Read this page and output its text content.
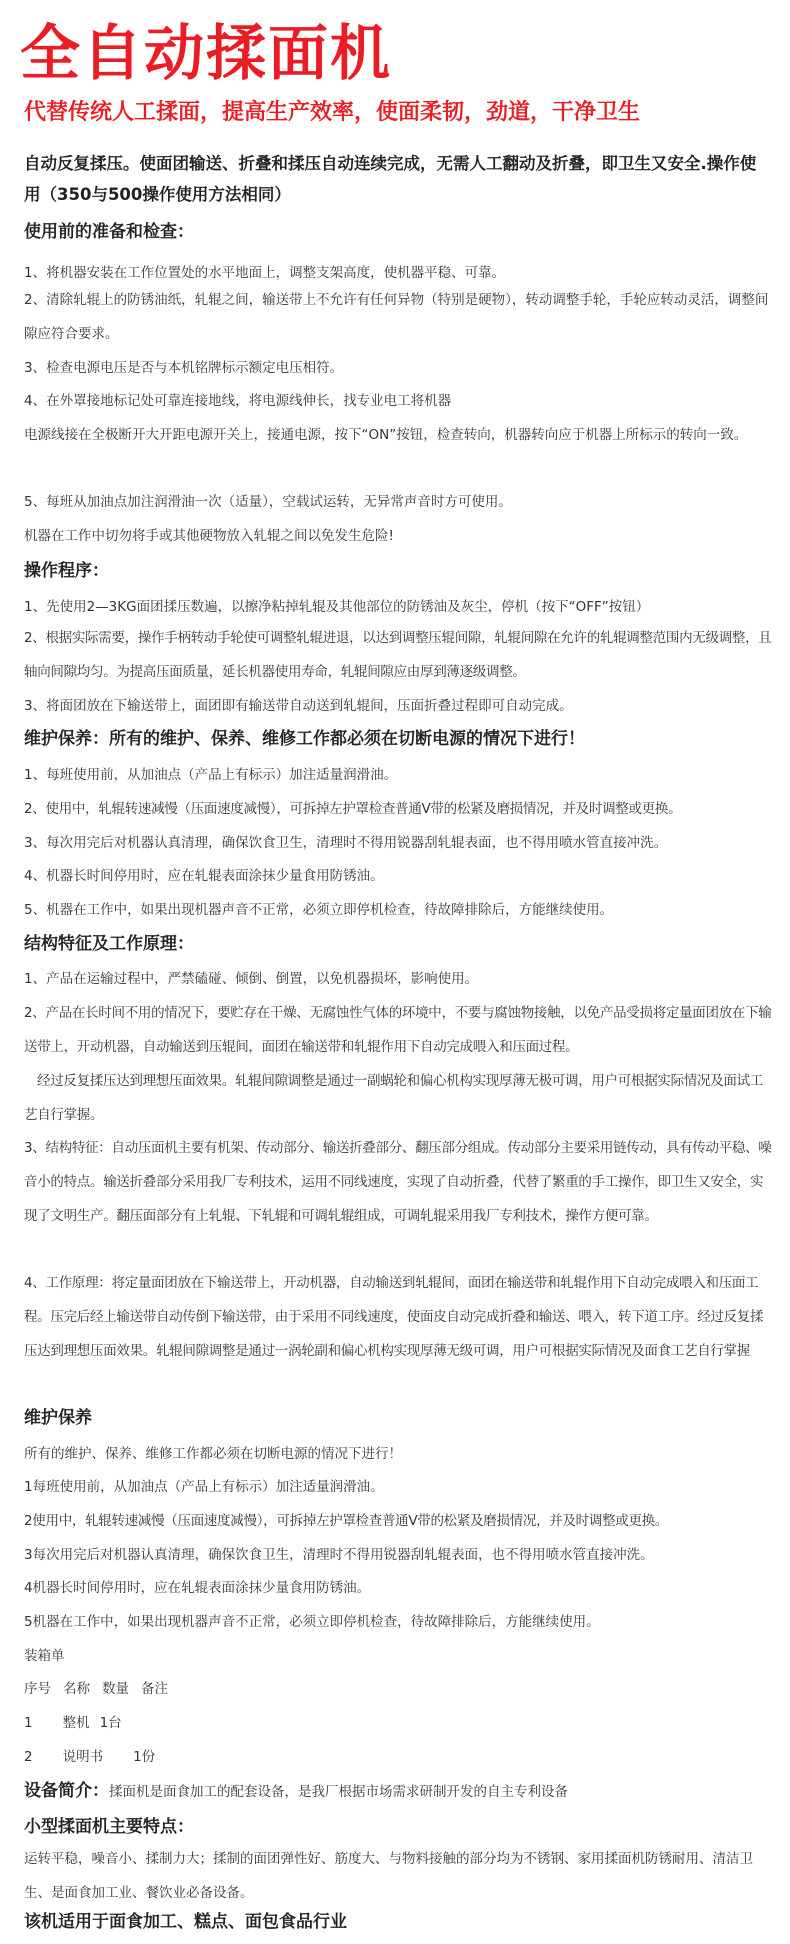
全自动揉面机
代替传统人工揉面，提高生产效率，使面柔韧，劲道，干净卫生

自动反复揉压。使面团输送、折叠和揉压自动连续完成，无需人工翻动及折叠，即卫生又安全.操作使用（350与500操作使用方法相同）

使用前的准备和检查：

1、将机器安装在工作位置处的水平地面上，调整支架高度，使机器平稳、可靠。

2、清除轧辊上的防锈油纸，轧辊之间，输送带上不允许有任何异物（特别是硬物），转动调整手轮，手轮应转动灵活，调整间隙应符合要求。

3、检查电源电压是否与本机铭牌标示额定电压相符。

4、在外罩接地标记处可靠连接地线，将电源线伸长，找专业电工将机器

电源线接在全极断开大开距电源开关上，接通电源，按下“ON”按钮，检查转向，机器转向应于机器上所标示的转向一致。

5、每班从加油点加注润滑油一次（适量），空载试运转，无异常声音时方可使用。

机器在工作中切勿将手或其他硬物放入轧辊之间以免发生危险!

操作程序：

1、先使用2—3KG面团揉压数遍，以擦净粘掉轧辊及其他部位的防锈油及灰尘，停机（按下“OFF”按钮）

2、根据实际需要，操作手柄转动手轮使可调整轧辊进退，以达到调整压辊间隙，轧辊间隙在允许的轧辊调整范围内无级调整，且轴向间隙均匀。为提高压面质量，延长机器使用寿命，轧辊间隙应由厚到薄逐级调整。

3、将面团放在下输送带上，面团即有输送带自动送到轧辊间，压面折叠过程即可自动完成。

维护保养：所有的维护、保养、维修工作都必须在切断电源的情况下进行！

1、每班使用前，从加油点（产品上有标示）加注适量润滑油。

2、使用中，轧辊转速减慢（压面速度减慢），可拆掉左护罩检查普通V带的松紧及磨损情况，并及时调整或更换。

3、每次用完后对机器认真清理，确保饮食卫生，清理时不得用锐器刮轧辊表面，也不得用喷水管直接冲洗。

4、机器长时间停用时，应在轧辊表面涂抹少量食用防锈油。

5、机器在工作中，如果出现机器声音不正常，必须立即停机检查，待故障排除后，方能继续使用。

结构特征及工作原理：

1、产品在运输过程中，严禁磕碰、倾倒、倒置，以免机器损坏，影响使用。

2、产品在长时间不用的情况下，要贮存在干燥、无腐蚀性气体的环境中，不要与腐蚀物接触，以免产品受损将定量面团放在下输送带上，开动机器，自动输送到压辊间，面团在输送带和轧辊作用下自动完成喂入和压面过程。

经过反复揉压达到理想压面效果。轧辊间隙调整是通过一副蜗轮和偏心机构实现厚薄无极可调，用户可根据实际情况及面试工艺自行掌握。

3、结构特征：自动压面机主要有机架、传动部分、输送折叠部分、翻压部分组成。传动部分主要采用链传动，具有传动平稳、噪音小的特点。输送折叠部分采用我厂专利技术，运用不同线速度，实现了自动折叠，代替了繁重的手工操作，即卫生又安全，实现了文明生产。翻压面部分有上轧辊、下轧辊和可调轧辊组成，可调轧辊采用我厂专利技术，操作方便可靠。

4、工作原理：将定量面团放在下输送带上，开动机器，自动输送到轧辊间，面团在输送带和轧辊作用下自动完成喂入和压面工程。压完后经上输送带自动传倒下输送带，由于采用不同线速度，使面皮自动完成折叠和输送、喂入，转下道工序。经过反复揉压达到理想压面效果。轧辊间隙调整是通过一涡轮副和偏心机构实现厚薄无级可调，用户可根据实际情况及面食工艺自行掌握

维护保养

所有的维护、保养、维修工作都必须在切断电源的情况下进行！

1每班使用前，从加油点（产品上有标示）加注适量润滑油。

2使用中，轧辊转速减慢（压面速度减慢），可拆掉左护罩检查普通V带的松紧及磨损情况，并及时调整或更换。

3每次用完后对机器认真清理，确保饮食卫生，清理时不得用锐器刮轧辊表面，也不得用喷水管直接冲洗。

4机器长时间停用时，应在轧辊表面涂抹少量食用防锈油。

5机器在工作中，如果出现机器声音不正常，必须立即停机检查，待故障排除后，方能继续使用。

装箱单

序号 名称 数量 备注

1 整机 1台

2 说明书 1份

设备简介：揉面机是面食加工的配套设备，是我厂根据市场需求研制开发的自主专利设备

小型揉面机主要特点：

运转平稳，噪音小、揉制力大；揉制的面团弹性好、筋度大、与物料接触的部分均为不锈钢、家用揉面机防锈耐用、清洁卫生、是面食加工业、餐饮业必备设备。

该机适用于面食加工、糕点、面包食品行业
